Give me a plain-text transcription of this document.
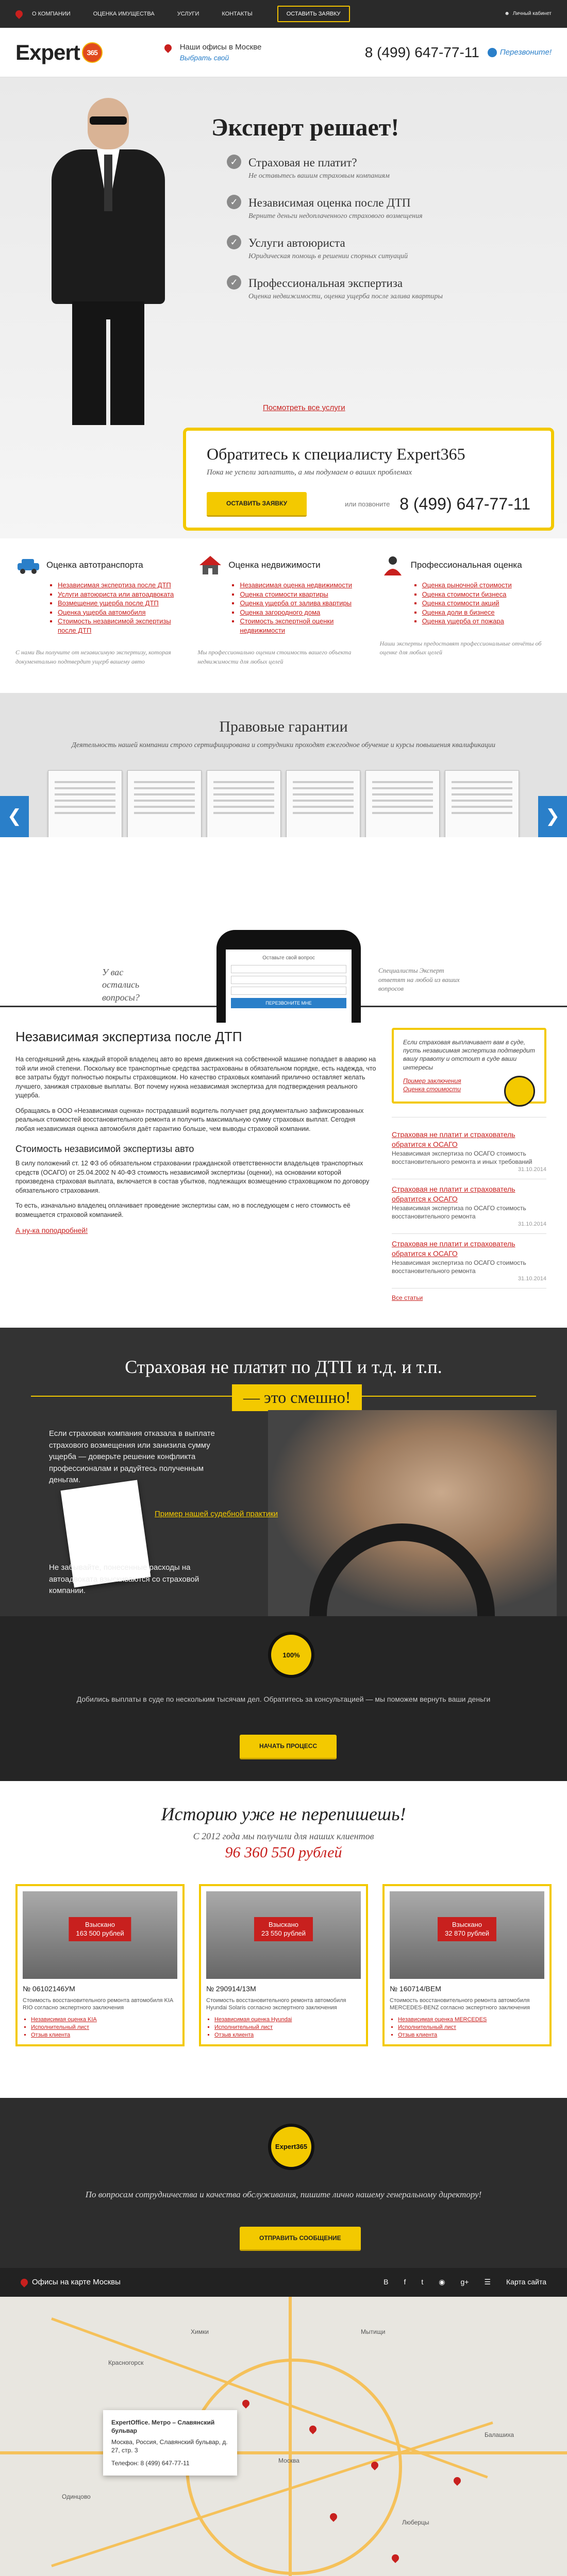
О КОМПАНИИ	ОЦЕНКА ИМУЩЕСТВА	УСЛУГИ	КОНТАКТЫ	ОСТАВИТЬ ЗАЯВКУ	☻ Личный кабинет
Expert 365
Наши офисы в Москве
Выбрать свой	8 (499) 647-77-11	Перезвоните!
Эксперт решает!
✓ Страховая не платит?
Не оставьтесь вашим страховым компаниям
✓ Независимая оценка после ДТП
Верните деньги недоплаченного страхового возмещения
✓ Услуги автоюриста
Юридическая помощь в решении спорных ситуаций
✓ Профессиональная экспертиза
Оценка недвижимости, оценка ущерба после залива квартиры
Посмотреть все услуги
Обратитесь к специалисту Expert365
Пока не успели заплатить, а мы подумаем о ваших проблемах
ОСТАВИТЬ ЗАЯВКУ	или позвоните 8 (499) 647-77-11
Оценка автотранспорта
▪ Независимая экспертиза после ДТП
▪ Услуги автоюриста или автоадвоката
▪ Возмещение ущерба после ДТП
▪ Оценка ущерба автомобиля
▪ Стоимость независимой экспертизы после ДТП

С нами Вы получите от независимую экспертизу, которая документально подтвердит ущерб вашему авто

Оценка недвижимости
▪ Независимая оценка недвижимости
▪ Оценка стоимости квартиры
▪ Оценка ущерба от залива квартиры
▪ Оценка загородного дома
▪ Стоимость экспертной оценки недвижимости

Мы профессионально оценим стоимость вашего объекта недвижимости для любых целей

Профессиональная оценка
▪ Оценка рыночной стоимости
▪ Оценка стоимости бизнеса
▪ Оценка стоимости акций
▪ Оценка доли в бизнесе
▪ Оценка ущерба от пожара

Наши эксперты предоставят профессиональные отчёты об оценке для любых целей

Правовые гарантии

Деятельность нашей компании строго сертифицирована и сотрудники проходят ежегодное обучение и курсы повышения квалификации

❮	❯
У вас остались вопросы?
Оставьте свой вопрос
ПЕРЕЗВОНИТЕ МНЕ
Специалисты Эксперт ответят на любой из ваших вопросов
Независимая экспертиза после ДТП

На сегодняшний день каждый второй владелец авто во время движения на собственной машине попадает в аварию на той или иной степени. Поскольку все транспортные средства застрахованы в обязательном порядке, есть надежда, что все затраты будут полностью покрыты страховщиком. Но качество страховых компаний прилично оставляет желать лучшего, занижая страховые выплаты. Вот почему нужна независимая экспертиза для подтверждения реального ущерба.

Обращаясь в ООО «Независимая оценка» пострадавший водитель получает ряд документально зафиксированных реальных стоимостей восстановительного ремонта и получить максимальную сумму страховых выплат. Сегодня любая независимая оценка автомобиля даёт гарантию больше, чем выводы страховой компании.

Стоимость независимой экспертизы авто

В силу положений ст. 12 ФЗ об обязательном страховании гражданской ответственности владельцев транспортных средств (ОСАГО) от 25.04.2002 N 40-ФЗ стоимость независимой экспертизы (оценки), на основании которой произведена страховая выплата, включается в состав убытков, подлежащих возмещению страховщиком по договору обязательного страхования.

То есть, изначально владелец оплачивает проведение экспертизы сам, но в последующем с него стоимость её возмещается страховой компанией.

А ну-ка поподробней!
Если страховая выплачивает вам в суде, пусть независимая экспертиза подтвердит вашу правоту и отстоит в суде ваши интересы
Пример заключения
Оценка стоимости
Страховая не платит и страхователь обратится к ОСАГО
Независимая экспертиза по ОСАГО стоимость восстановительного ремонта и иных требований
31.10.2014
Страховая не платит и страхователь обратится к ОСАГО
Независимая экспертиза по ОСАГО стоимость восстановительного ремонта
31.10.2014
Страховая не платит и страхователь обратится к ОСАГО
Независимая экспертиза по ОСАГО стоимость восстановительного ремонта
31.10.2014
Все статьи
Страховая не платит по ДТП и т.д. и т.п.
— это смешно!
Если страховая компания отказала в выплате страхового возмещения или занизила сумму ущерба — доверьте решение конфликта профессионалам и радуйтесь полученным деньгам.
Пример нашей судебной практики
Не забывайте, понесенные расходы на автоадвоката взыскиваются со страховой компании.
100%
Добились выплаты в суде по нескольким тысячам дел. Обратитесь за консультацией — мы поможем вернуть ваши деньги
НАЧАТЬ ПРОЦЕСС
Историю уже не перепишешь!
С 2012 года мы получили для наших клиентов
96 360 550 рублей
Взыскано
163 500 рублей
№ 06102146УМ

Стоимость восстановительного ремонта автомобиля KIA RIO согласно экспертного заключения

▪ Независимая оценка KIA
▪ Исполнительный лист
▪ Отзыв клиента
Взыскано
23 550 рублей
№ 290914/13М

Стоимость восстановительного ремонта автомобиля Hyundai Solaris согласно экспертного заключения

▪ Независимая оценка Hyundai
▪ Исполнительный лист
▪ Отзыв клиента
Взыскано
32 870 рублей
№ 160714/ВЕМ

Стоимость восстановительного ремонта автомобиля MERCEDES-BENZ согласно экспертного заключения

▪ Независимая оценка MERCEDES
▪ Исполнительный лист
▪ Отзыв клиента
Expert365
По вопросам сотрудничества и качества обслуживания, пишите лично нашему генеральному директору!
ОТПРАВИТЬ СООБЩЕНИЕ
Офисы на карте Москвы	B f t ◉ g+ ☰ Карта сайта
Москва
Химки	Мытищи
Люберцы
Красногорск
Одинцово
Балашиха
ExpertOffice. Метро – Славянский бульвар
Москва, Россия, Славянский бульвар, д. 27, стр. 3
Телефон: 8 (499) 647-77-11
